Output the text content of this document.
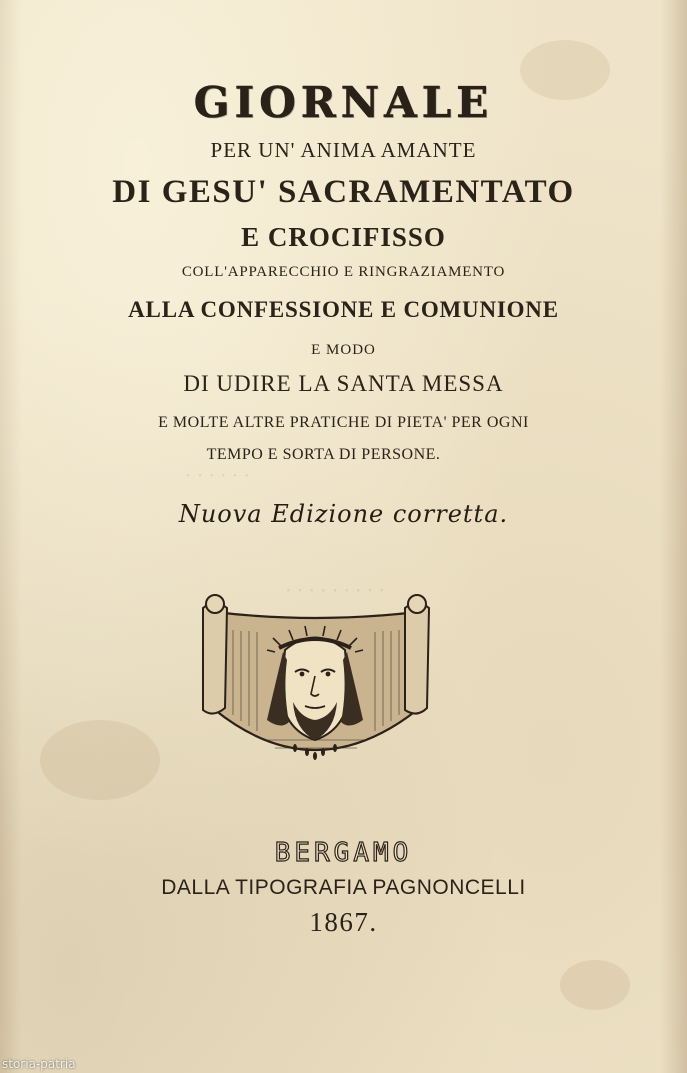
· · · · · ·
· · · · · · · · ·
GIORNALE
PER UN' ANIMA AMANTE
DI GESU' SACRAMENTATO
E CROCIFISSO
COLL'APPARECCHIO E RINGRAZIAMENTO
ALLA CONFESSIONE E COMUNIONE
E MODO
DI UDIRE LA SANTA MESSA
E MOLTE ALTRE PRATICHE DI PIETA' PER OGNI
TEMPO E SORTA DI PERSONE.
Nuova Edizione corretta.
BERGAMO
DALLA TIPOGRAFIA PAGNONCELLI
1867.
storia-patria
